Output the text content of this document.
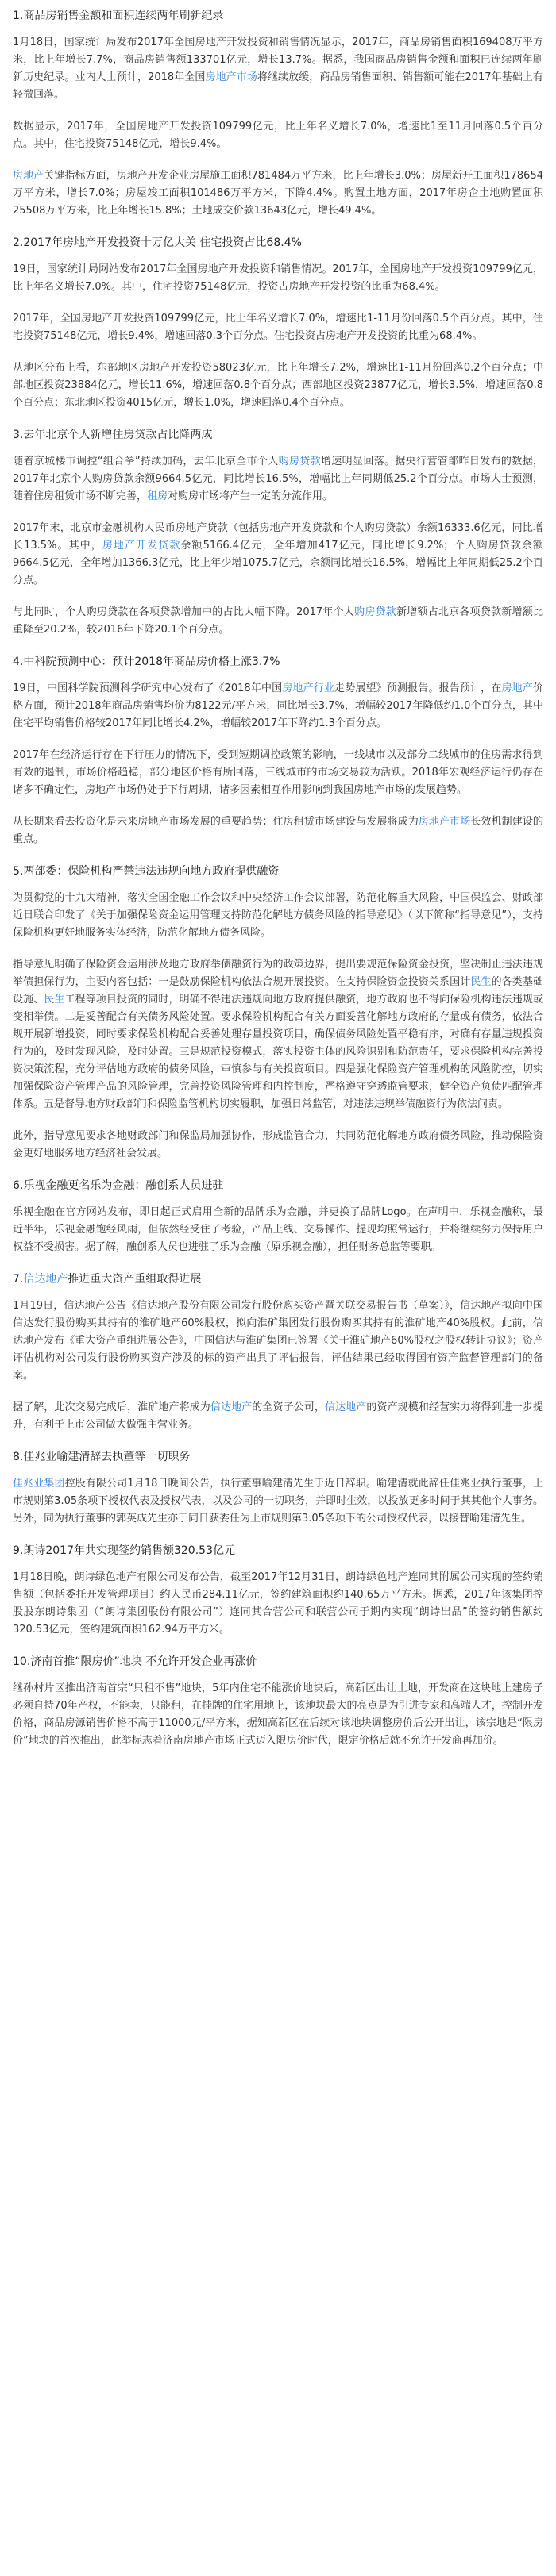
1.商品房销售金额和面积连续两年刷新纪录

1月18日，国家统计局发布2017年全国房地产开发投资和销售情况显示，2017年，商品房销售面积169408万平方米，比上年增长7.7%，商品房销售额133701亿元，增长13.7%。据悉，我国商品房销售金额和面积已连续两年刷新历史纪录。业内人士预计，2018年全国房地产市场将继续放缓，商品房销售面积、销售额可能在2017年基础上有轻微回落。

数据显示，2017年，全国房地产开发投资109799亿元，比上年名义增长7.0%，增速比1至11月回落0.5个百分点。其中，住宅投资75148亿元，增长9.4%。

房地产关键指标方面，房地产开发企业房屋施工面积781484万平方米，比上年增长3.0%；房屋新开工面积178654万平方米，增长7.0%；房屋竣工面积101486万平方米，下降4.4%。购置土地方面，2017年房企土地购置面积25508万平方米，比上年增长15.8%；土地成交价款13643亿元，增长49.4%。

2.2017年房地产开发投资十万亿大关 住宅投资占比68.4%

19日，国家统计局网站发布2017年全国房地产开发投资和销售情况。2017年，全国房地产开发投资109799亿元，比上年名义增长7.0%。其中，住宅投资75148亿元，投资占房地产开发投资的比重为68.4%。

2017年，全国房地产开发投资109799亿元，比上年名义增长7.0%，增速比1-11月份回落0.5个百分点。其中，住宅投资75148亿元，增长9.4%，增速回落0.3个百分点。住宅投资占房地产开发投资的比重为68.4%。

从地区分布上看，东部地区房地产开发投资58023亿元，比上年增长7.2%，增速比1-11月份回落0.2个百分点；中部地区投资23884亿元，增长11.6%，增速回落0.8个百分点；西部地区投资23877亿元，增长3.5%，增速回落0.8个百分点；东北地区投资4015亿元，增长1.0%，增速回落0.4个百分点。

3.去年北京个人新增住房贷款占比降两成

随着京城楼市调控“组合拳”持续加码，去年北京全市个人购房贷款增速明显回落。据央行营管部昨日发布的数据，2017年北京个人购房贷款余额9664.5亿元，同比增长16.5%，增幅比上年同期低25.2个百分点。市场人士预测，随着住房租赁市场不断完善，租房对购房市场将产生一定的分流作用。

2017年末，北京市金融机构人民币房地产贷款（包括房地产开发贷款和个人购房贷款）余额16333.6亿元，同比增长13.5%。其中，房地产开发贷款余额5166.4亿元，全年增加417亿元，同比增长9.2%；个人购房贷款余额9664.5亿元，全年增加1366.3亿元，比上年少增1075.7亿元，余额同比增长16.5%，增幅比上年同期低25.2个百分点。

与此同时，个人购房贷款在各项贷款增加中的占比大幅下降。2017年个人购房贷款新增额占北京各项贷款新增额比重降至20.2%，较2016年下降20.1个百分点。

4.中科院预测中心：预计2018年商品房价格上涨3.7%

19日，中国科学院预测科学研究中心发布了《2018年中国房地产行业走势展望》预测报告。报告预计，在房地产价格方面，预计2018年商品房销售均价为8122元/平方米，同比增长3.7%，增幅较2017年降低约1.0个百分点，其中住宅平均销售价格较2017年同比增长4.2%，增幅较2017年下降约1.3个百分点。

2017年在经济运行存在下行压力的情况下，受到短期调控政策的影响，一线城市以及部分二线城市的住房需求得到有效的遏制，市场价格趋稳，部分地区价格有所回落，三线城市的市场交易较为活跃。2018年宏观经济运行仍存在诸多不确定性，房地产市场仍处于下行周期，诸多因素相互作用影响到我国房地产市场的发展趋势。

从长期来看去投资化是未来房地产市场发展的重要趋势；住房租赁市场建设与发展将成为房地产市场长效机制建设的重点。

5.两部委：保险机构严禁违法违规向地方政府提供融资

为贯彻党的十九大精神，落实全国金融工作会议和中央经济工作会议部署，防范化解重大风险，中国保监会、财政部近日联合印发了《关于加强保险资金运用管理支持防范化解地方债务风险的指导意见》（以下简称“指导意见”），支持保险机构更好地服务实体经济，防范化解地方债务风险。

指导意见明确了保险资金运用涉及地方政府举债融资行为的政策边界，提出要规范保险资金投资，坚决制止违法违规举债担保行为，主要内容包括：一是鼓励保险机构依法合规开展投资。在支持保险资金投资关系国计民生的各类基础设施、民生工程等项目投资的同时，明确不得违法违规向地方政府提供融资，地方政府也不得向保险机构违法违规或变相举债。二是妥善配合有关债务风险处置。要求保险机构配合有关方面妥善化解地方政府的存量或有债务，依法合规开展新增投资，同时要求保险机构配合妥善处理存量投资项目，确保债务风险处置平稳有序，对确有存量违规投资行为的，及时发现风险，及时处置。三是规范投资模式，落实投资主体的风险识别和防范责任，要求保险机构完善投资决策流程，充分评估地方政府的债务风险，审慎参与有关投资项目。四是强化保险资产管理机构的风险防控，切实加强保险资产管理产品的风险管理，完善投资风险管理和内控制度，严格遵守穿透监管要求，健全资产负债匹配管理体系。五是督导地方财政部门和保险监管机构切实履职，加强日常监管，对违法违规举债融资行为依法问责。

此外，指导意见要求各地财政部门和保监局加强协作，形成监管合力，共同防范化解地方政府债务风险，推动保险资金更好地服务地方经济社会发展。

6.乐视金融更名乐为金融：融创系人员进驻

乐视金融在官方网站发布，即日起正式启用全新的品牌乐为金融，并更换了品牌Logo。在声明中，乐视金融称，最近半年，乐视金融饱经风雨，但依然经受住了考验，产品上线、交易操作、提现均照常运行，并将继续努力保持用户权益不受损害。据了解，融创系人员也进驻了乐为金融（原乐视金融），担任财务总监等要职。

7.信达地产推进重大资产重组取得进展

1月19日，信达地产公告《信达地产股份有限公司发行股份购买资产暨关联交易报告书（草案）》，信达地产拟向中国信达发行股份购买其持有的淮矿地产60%股权，拟向淮矿集团发行股份购买其持有的淮矿地产40%股权。此前，信达地产发布《重大资产重组进展公告》，中国信达与淮矿集团已签署《关于淮矿地产60%股权之股权转让协议》；资产评估机构对公司发行股份购买资产涉及的标的资产出具了评估报告，评估结果已经取得国有资产监督管理部门的备案。

据了解，此次交易完成后，淮矿地产将成为信达地产的全资子公司，信达地产的资产规模和经营实力将得到进一步提升，有利于上市公司做大做强主营业务。

8.佳兆业喻建清辞去执董等一切职务

佳兆业集团控股有限公司1月18日晚间公告，执行董事喻建清先生于近日辞职。喻建清就此辞任佳兆业执行董事，上市规则第3.05条项下授权代表及授权代表，以及公司的一切职务，并即时生效，以投放更多时间于其其他个人事务。另外，同为执行董事的郭英成先生亦于同日获委任为上市规则第3.05条项下的公司授权代表，以接替喻建清先生。

9.朗诗2017年共实现签约销售额320.53亿元

1月18日晚，朗诗绿色地产有限公司发布公告，截至2017年12月31日，朗诗绿色地产连同其附属公司实现的签约销售额（包括委托开发管理项目）约人民币284.11亿元，签约建筑面积约140.65万平方米。据悉，2017年该集团控股股东朗诗集团（“朗诗集团股份有限公司”）连同其合营公司和联营公司于期内实现“朗诗出品”的签约销售额约320.53亿元，签约建筑面积162.94万平方米。

10.济南首推“限房价”地块 不允许开发企业再涨价

继孙村片区推出济南首宗“只租不售”地块，5年内住宅不能涨价地块后，高新区出让土地，开发商在这块地上建房子必须自持70年产权，不能卖，只能租，在挂牌的住宅用地上，该地块最大的亮点是为引进专家和高端人才，控制开发价格，商品房源销售价格不高于11000元/平方米，据知高新区在后续对该地块调整房价后公开出让，该宗地是“限房价”地块的首次推出，此举标志着济南房地产市场正式迈入限房价时代，限定价格后就不允许开发商再加价。
